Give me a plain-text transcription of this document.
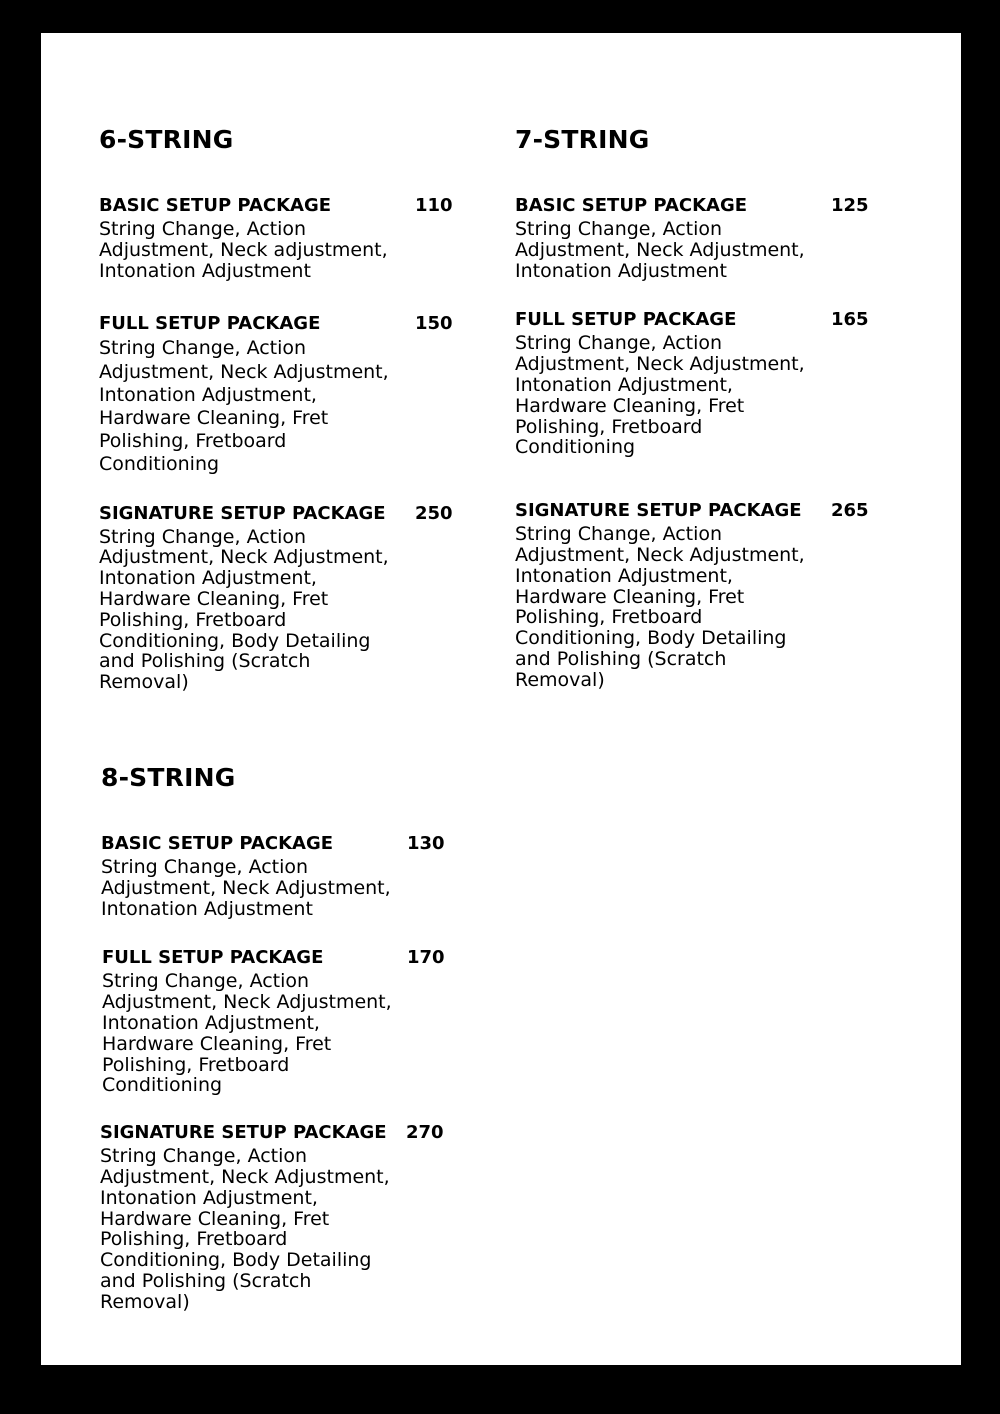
6-STRING
BASIC SETUP PACKAGE	110
String Change, Action Adjustment, Neck adjustment, Intonation Adjustment
FULL SETUP PACKAGE	150
String Change, Action Adjustment, Neck Adjustment, Intonation Adjustment, Hardware Cleaning, Fret Polishing, Fretboard Conditioning
SIGNATURE SETUP PACKAGE 250
String Change, Action Adjustment, Neck Adjustment, Intonation Adjustment, Hardware Cleaning, Fret Polishing, Fretboard Conditioning, Body Detailing and Polishing (Scratch Removal)
7-STRING
BASIC SETUP PACKAGE	125
String Change, Action Adjustment, Neck Adjustment, Intonation Adjustment
FULL SETUP PACKAGE	165
String Change, Action Adjustment, Neck Adjustment, Intonation Adjustment, Hardware Cleaning, Fret Polishing, Fretboard Conditioning
SIGNATURE SETUP PACKAGE 265
String Change, Action Adjustment, Neck Adjustment, Intonation Adjustment, Hardware Cleaning, Fret Polishing, Fretboard Conditioning, Body Detailing and Polishing (Scratch Removal)
8-STRING
BASIC SETUP PACKAGE	130
String Change, Action Adjustment, Neck Adjustment, Intonation Adjustment
FULL SETUP PACKAGE	170
String Change, Action Adjustment, Neck Adjustment, Intonation Adjustment, Hardware Cleaning, Fret Polishing, Fretboard Conditioning
SIGNATURE SETUP PACKAGE 270
String Change, Action Adjustment, Neck Adjustment, Intonation Adjustment, Hardware Cleaning, Fret Polishing, Fretboard Conditioning, Body Detailing and Polishing (Scratch Removal)
